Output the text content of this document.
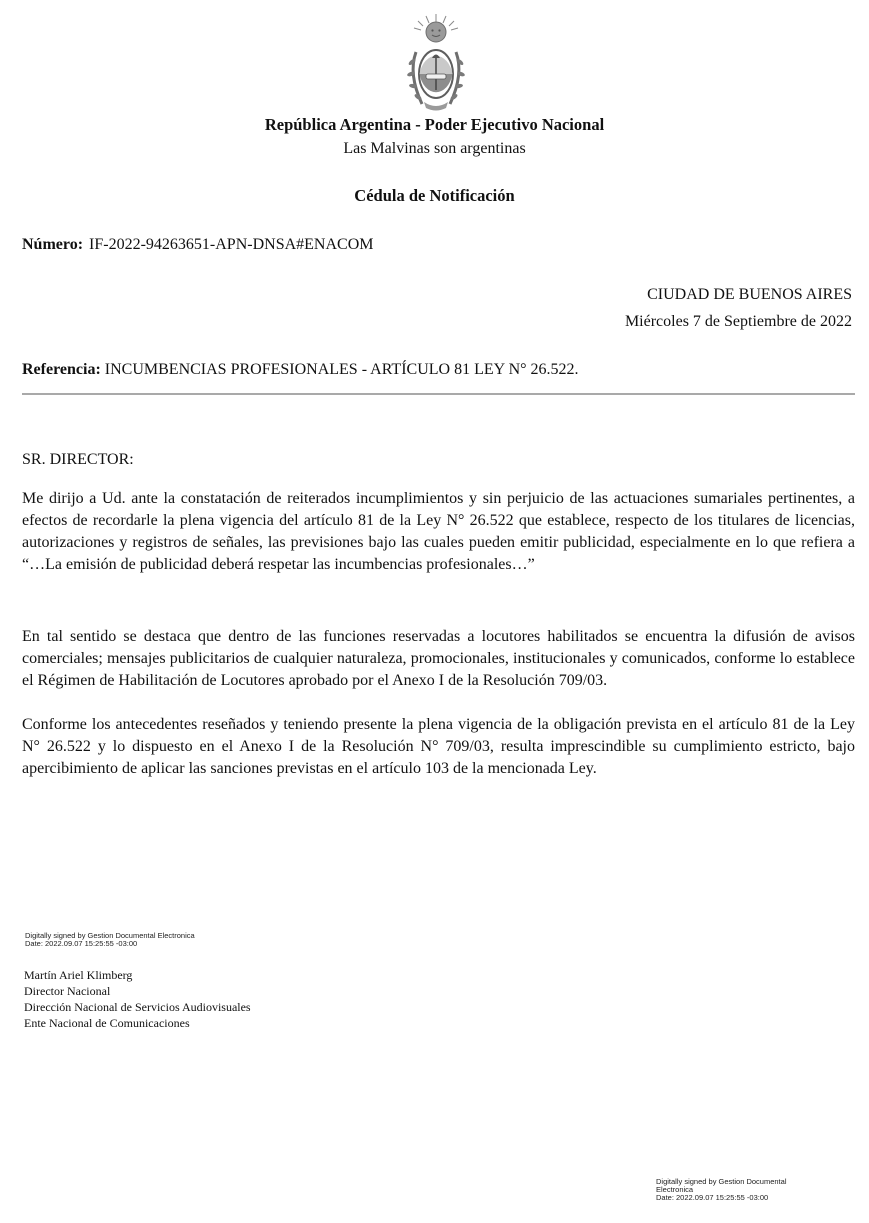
República Argentina - Poder Ejecutivo Nacional
Las Malvinas son argentinas
Cédula de Notificación
Número: IF-2022-94263651-APN-DNSA#ENACOM
CIUDAD DE BUENOS AIRES
Miércoles 7 de Septiembre de 2022
Referencia: INCUMBENCIAS PROFESIONALES - ARTÍCULO 81 LEY N° 26.522.

SR. DIRECTOR:

Me dirijo a Ud. ante la constatación de reiterados incumplimientos y sin perjuicio de las actuaciones sumariales pertinentes, a efectos de recordarle la plena vigencia del artículo 81 de la Ley N° 26.522 que establece, respecto de los titulares de licencias, autorizaciones y registros de señales, las previsiones bajo las cuales pueden emitir publicidad, especialmente en lo que refiera a “…La emisión de publicidad deberá respetar las incumbencias profesionales…”

En tal sentido se destaca que dentro de las funciones reservadas a locutores habilitados se encuentra la difusión de avisos comerciales; mensajes publicitarios de cualquier naturaleza, promocionales, institucionales y comunicados, conforme lo establece el Régimen de Habilitación de Locutores aprobado por el Anexo I de la Resolución 709/03.

Conforme los antecedentes reseñados y teniendo presente la plena vigencia de la obligación prevista en el artículo 81 de la Ley N° 26.522 y lo dispuesto en el Anexo I de la Resolución N° 709/03, resulta imprescindible su cumplimiento estricto, bajo apercibimiento de aplicar las sanciones previstas en el artículo 103 de la mencionada Ley.

Digitally signed by Gestion Documental Electronica
Date: 2022.09.07 15:25:55 -03:00
Martín Ariel Klimberg
Director Nacional
Dirección Nacional de Servicios Audiovisuales
Ente Nacional de Comunicaciones
Digitally signed by Gestion Documental
Electronica
Date: 2022.09.07 15:25:55 -03:00
